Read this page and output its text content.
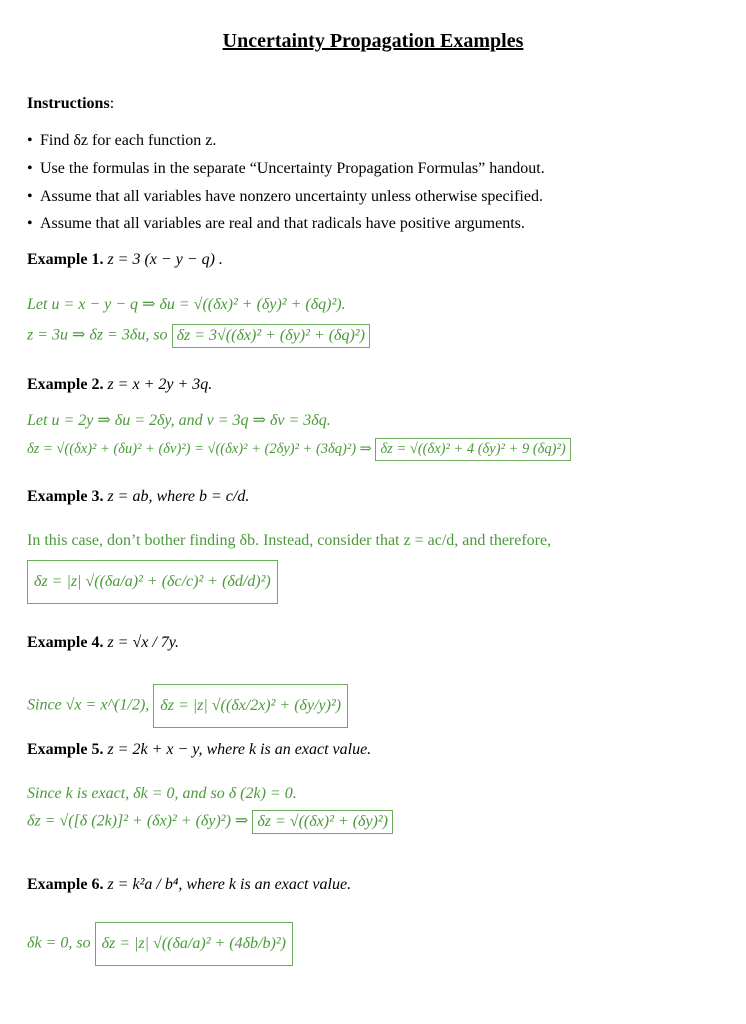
Uncertainty Propagation Examples
Instructions:
• Find δz for each function z.
• Use the formulas in the separate “Uncertainty Propagation Formulas” handout.
• Assume that all variables have nonzero uncertainty unless otherwise specified.
• Assume that all variables are real and that radicals have positive arguments.
Example 1. z = 3 (x − y − q) .
Let u = x − y − q ⇒ δu = √((δx)² + (δy)² + (δq)²).
z = 3u ⇒ δz = 3δu, so δz = 3√((δx)² + (δy)² + (δq)²)
Example 2. z = x + 2y + 3q.
Let u = 2y ⇒ δu = 2δy, and v = 3q ⇒ δv = 3δq.
δz = √((δx)² + (δu)² + (δv)²) = √((δx)² + (2δy)² + (3δq)²) ⇒ δz = √((δx)² + 4 (δy)² + 9 (δq)²)
Example 3. z = ab, where b = c/d.
In this case, don’t bother finding δb. Instead, consider that z = ac/d, and therefore,
δz = |z| √((δa/a)² + (δc/c)² + (δd/d)²)
Example 4. z = √x / 7y.
Since √x = x^(1/2), δz = |z| √((δx/2x)² + (δy/y)²)
Example 5. z = 2k + x − y, where k is an exact value.
Since k is exact, δk = 0, and so δ (2k) = 0.
δz = √([δ (2k)]² + (δx)² + (δy)²) ⇒ δz = √((δx)² + (δy)²)
Example 6. z = k²a / b⁴, where k is an exact value.
δk = 0, so δz = |z| √((δa/a)² + (4δb/b)²)
